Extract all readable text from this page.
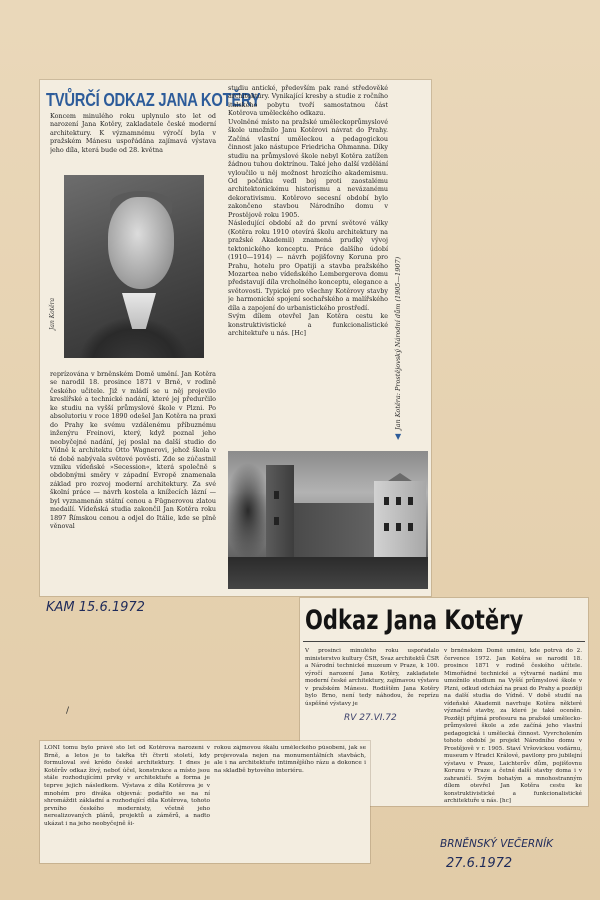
TVŮRČÍ ODKAZ JANA KOTĚRY
Koncem minulého roku uplynulo sto let od narození Jana Kotěry, zakladatele české moderní architektury. K významnému výročí byla v pražském Mánesu uspořádána zajímavá výstava jeho díla, která bude od 28. května
Jan Kotěra
reprízována v brněnském Domě umění. Jan Kotěra se narodil 18. prosince 1871 v Brně, v rodině českého učitele. Již v mládí se u něj projevilo kreslířské a technické nadání, které jej předurčilo ke studiu na vyšší průmyslové škole v Plzni. Po absolutoriu v roce 1890 odešel Jan Kotěra na praxi do Prahy ke svému vzdálenému příbuznému inženýru Freinovi, který, když poznal jeho neobyčejné nadání, jej poslal na další studio do Vídně k architektu Otto Wagnerovi, jehož škola v té době nabývala světové pověsti. Zde se zúčastnil vzniku vídeňské »Secession«, která společně s obdobnými směry v západní Evropě znamenala základ pro rozvoj moderní architektury. Za své školní práce — návrh kostela a knížecích lázní — byl vyznamenán státní cenou a Fügnerovou zlatou medailí. Vídeňská studia zakončil Jan Kotěra roku 1897 Římskou cenou a odjel do Itálie, kde se plně věnoval
studiu antické, především pak rané středověké architektury. Vynikající kresby a studie z ročního italského pobytu tvoří samostatnou část Kotěrova uměleckého odkazu.
Uvolněné místo na pražské uměleckoprůmyslové škole umožnilo Janu Kotěrovi návrat do Prahy. Začíná vlastní uměleckou a pedagogickou činnost jako nástupce Friedricha Ohmanna. Díky studiu na průmyslové škole nebyl Kotěra zatížen žádnou tuhou doktrínou. Také jeho další vzdělání vyloučilo u něj možnost hrozícího akademismu. Od počátku vedl boj proti zaostalému architektonickému historismu a nevázanému dekorativismu. Kotěrovo secesní období bylo zakončeno stavbou Národního domu v Prostějově roku 1905.
Následující období až do první světové války (Kotěra roku 1910 otevírá školu architektury na pražské Akademii) znamená prudký vývoj tektonického konceptu. Práce dalšího údobí (1910—1914) — návrh pojišťovny Koruna pro Prahu, hotelu pro Opatiji a stavba pražského Mozartea nebo vídeňského Lembergerova domu představují díla vrcholného konceptu, elegance a světovosti. Typické pro všechny Kotěrovy stavby je harmonické spojení sochařského a malířského díla a zapojení do urbanistického prostředí.
Svým dílem otevřel Jan Kotěra cestu ke konstruktivistické a funkcionalistické architektuře u nás. [Hc]	Jan Kotěra: Prostějovský Národní dům (1905—1907)
▼
KAM 15.6.1972	Odkaz Jana Kotěry
V prosinci minulého roku uspořádalo ministerstvo kultury ČSR, Svaz architektů ČSR a Národní technické muzeum v Praze, k 100. výročí narození Jana Kotěry, zakladatele moderní české architektury, zajímavou výstavu v pražském Mánesu. Rodištěm Jana Kotěry bylo Brno, není tedy náhodou, že reprízu úspěšné výstavy je
v brněnském Domě umění, kde potrvá do 2. července 1972. Jan Kotěra se narodil 18. prosince 1871 v rodině českého učitele. Mimořádné technické a výtvarné nadání mu umožnilo studium na Vyšší průmyslové škole v Plzni, odkud odchází na praxi do Prahy a později na další studia do Vídně. V době studií na vídeňské Akademii navrhuje Kotěra některé význačné stavby, za které je také oceněn. Později přijímá profesuru na pražské umělecko-průmyslové škole a zde začíná jeho vlastní pedagogická i umělecká činnost. Vyvrcholením tohoto období je projekt Národního domu v Prostějově v r. 1905. Staví Vršovickou vodárnu, museum v Hradci Králové, pavilony pro jubilejní výstavu v Praze, Laichterův dům, pojišťovnu Korunu v Praze a četné další stavby doma i v zahraničí. Svým bohatým a mnohostranným dílem otevřel Jan Kotěra cestu ke konstruktivistické a funkcionalistické architektuře u nás. [hc]
RV 27.VI.72
/
LONI tomu bylo právě sto let od Kotěrova narození v Brně, a letos je to takřka tři čtvrti století, kdy formuloval své krédo české architektury. I dnes je Kotěrův odkaz živý, neboť účel, konstrukce a místo jsou stále rozhodujícími prvky v architektuře a forma je teprve jejich následkem. Výstava z díla Kotěrova je v mnohém pro diváka objevná: podařilo se na ní shromáždit základní a rozhodující díla Kotěrova, tohoto prvního českého modernisty, včetně jeho nerealizovaných plánů, projektů a záměrů, a nadto ukázat i na jeho neobyčejně ši-
rokou zájmovou škálu uměleckého působení, jak se projevovala nejen na monumentálních stavbách, ale i na architektuře intimnějšího rázu a dokonce i na skladbě bytového interiéru.
BRNĚNSKÝ VEČERNÍK
27.6.1972
